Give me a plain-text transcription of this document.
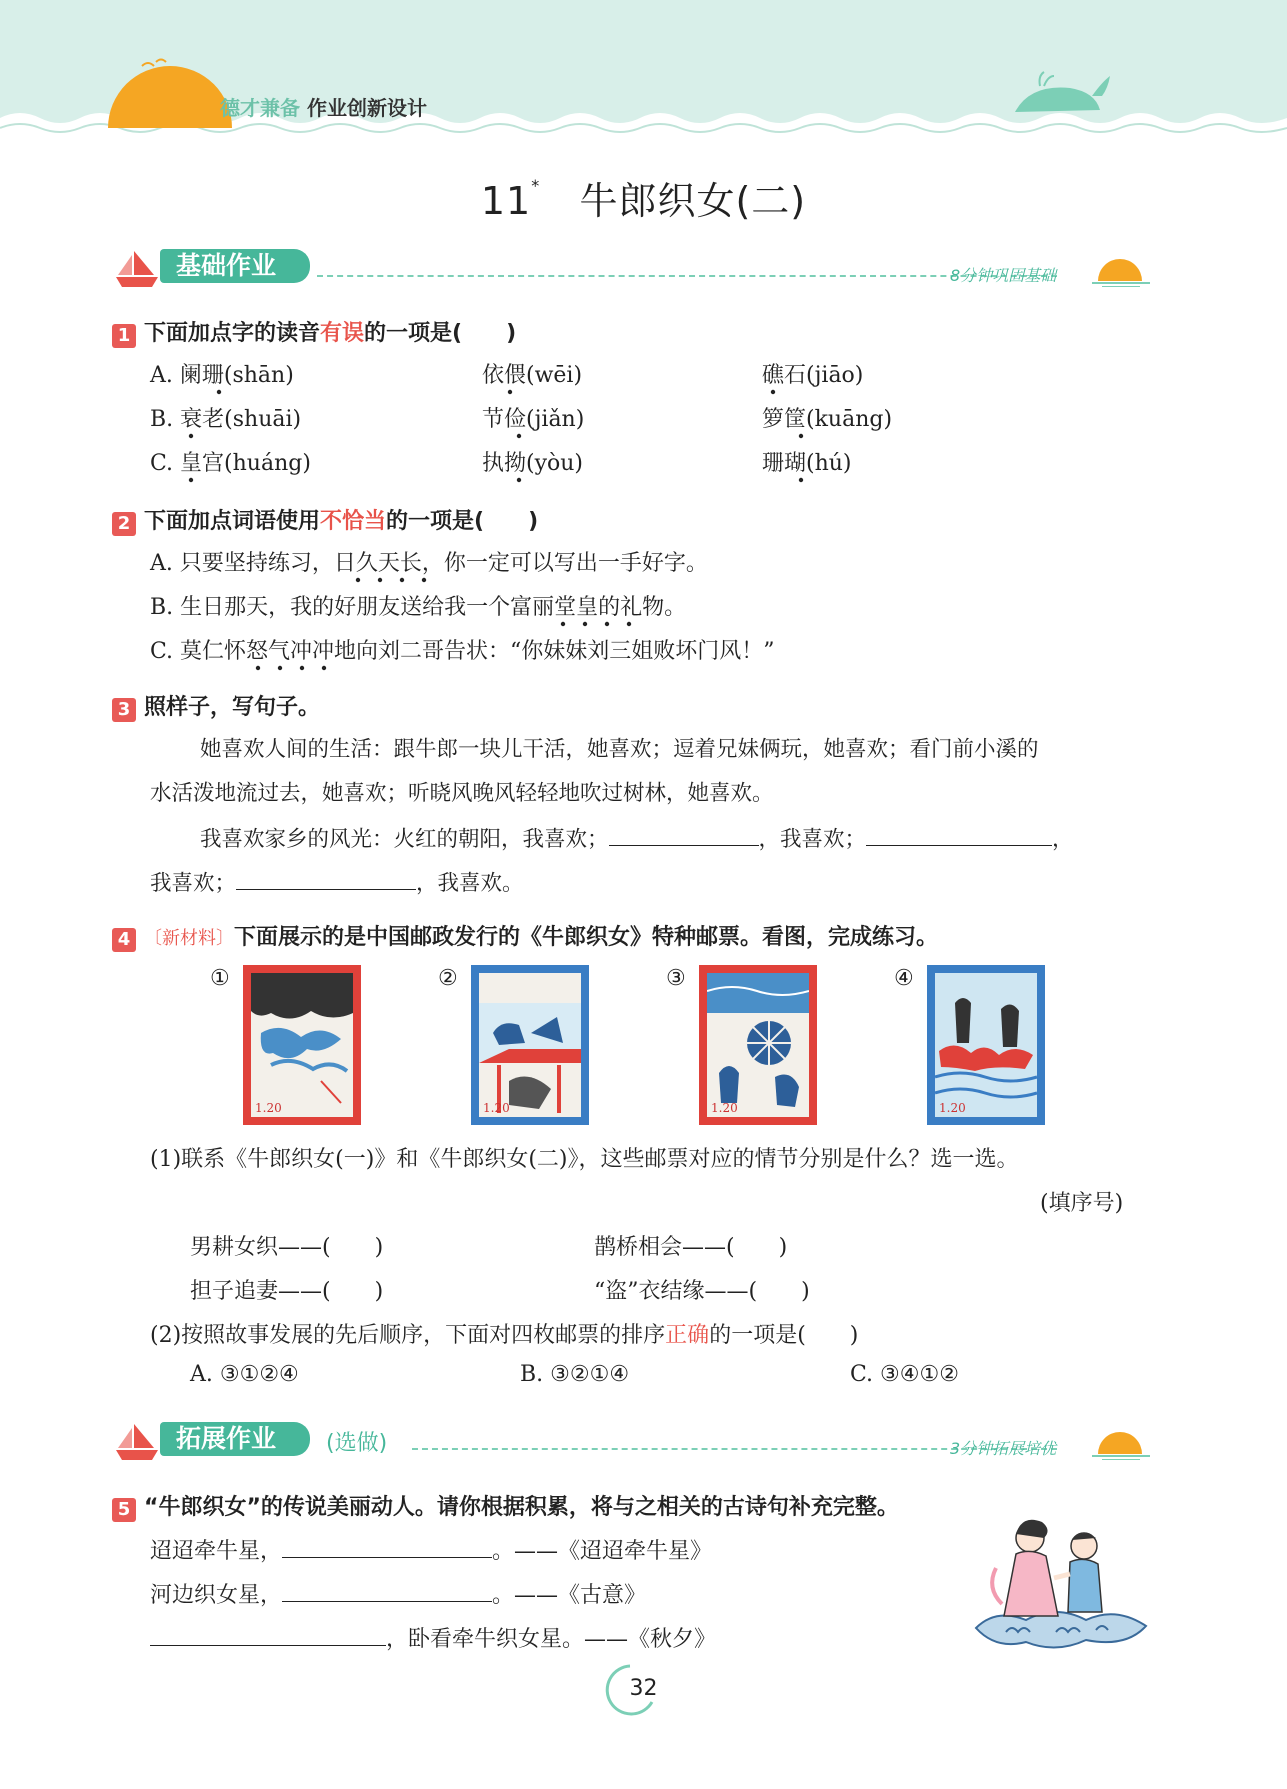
德才兼备 作业创新设计
11* 牛郎织女(二)
基础作业	8分钟巩固基础
1 下面加点字的读音有误的一项是(　　)
A. 阑珊(shān)	依偎(wēi)	礁石(jiāo)
B. 衰老(shuāi)	节俭(jiǎn)	箩筐(kuāng)
C. 皇宫(huáng)	执拗(yòu)	珊瑚(hú)
2 下面加点词语使用不恰当的一项是(　　)
A. 只要坚持练习，日久天长，你一定可以写出一手好字。
B. 生日那天，我的好朋友送给我一个富丽堂皇的礼物。
C. 莫仁怀怒气冲冲地向刘二哥告状：“你妹妹刘三姐败坏门风！”
3 照样子，写句子。
她喜欢人间的生活：跟牛郎一块儿干活，她喜欢；逗着兄妹俩玩，她喜欢；看门前小溪的
水活泼地流过去，她喜欢；听晓风晚风轻轻地吹过树林，她喜欢。
我喜欢家乡的风光：火红的朝阳，我喜欢；	，我喜欢；	，
我喜欢；	，我喜欢。
4 〔新材料〕下面展示的是中国邮政发行的《牛郎织女》特种邮票。看图，完成练习。
①
1.20
②
1.20
③
1.20
④
1.20
(1)联系《牛郎织女(一)》和《牛郎织女(二)》，这些邮票对应的情节分别是什么？选一选。
(填序号)
男耕女织——(　　)	鹊桥相会——(　　)
担子追妻——(　　)	“盗”衣结缘——(　　)
(2)按照故事发展的先后顺序，下面对四枚邮票的排序正确的一项是(　　)
A. ③①②④	B. ③②①④	C. ③④①②
拓展作业	(选做)	3分钟拓展培优
5 “牛郎织女”的传说美丽动人。请你根据积累，将与之相关的古诗句补充完整。
迢迢牵牛星，	。——《迢迢牵牛星》
河边织女星，	。——《古意》
，卧看牵牛织女星。——《秋夕》
32
